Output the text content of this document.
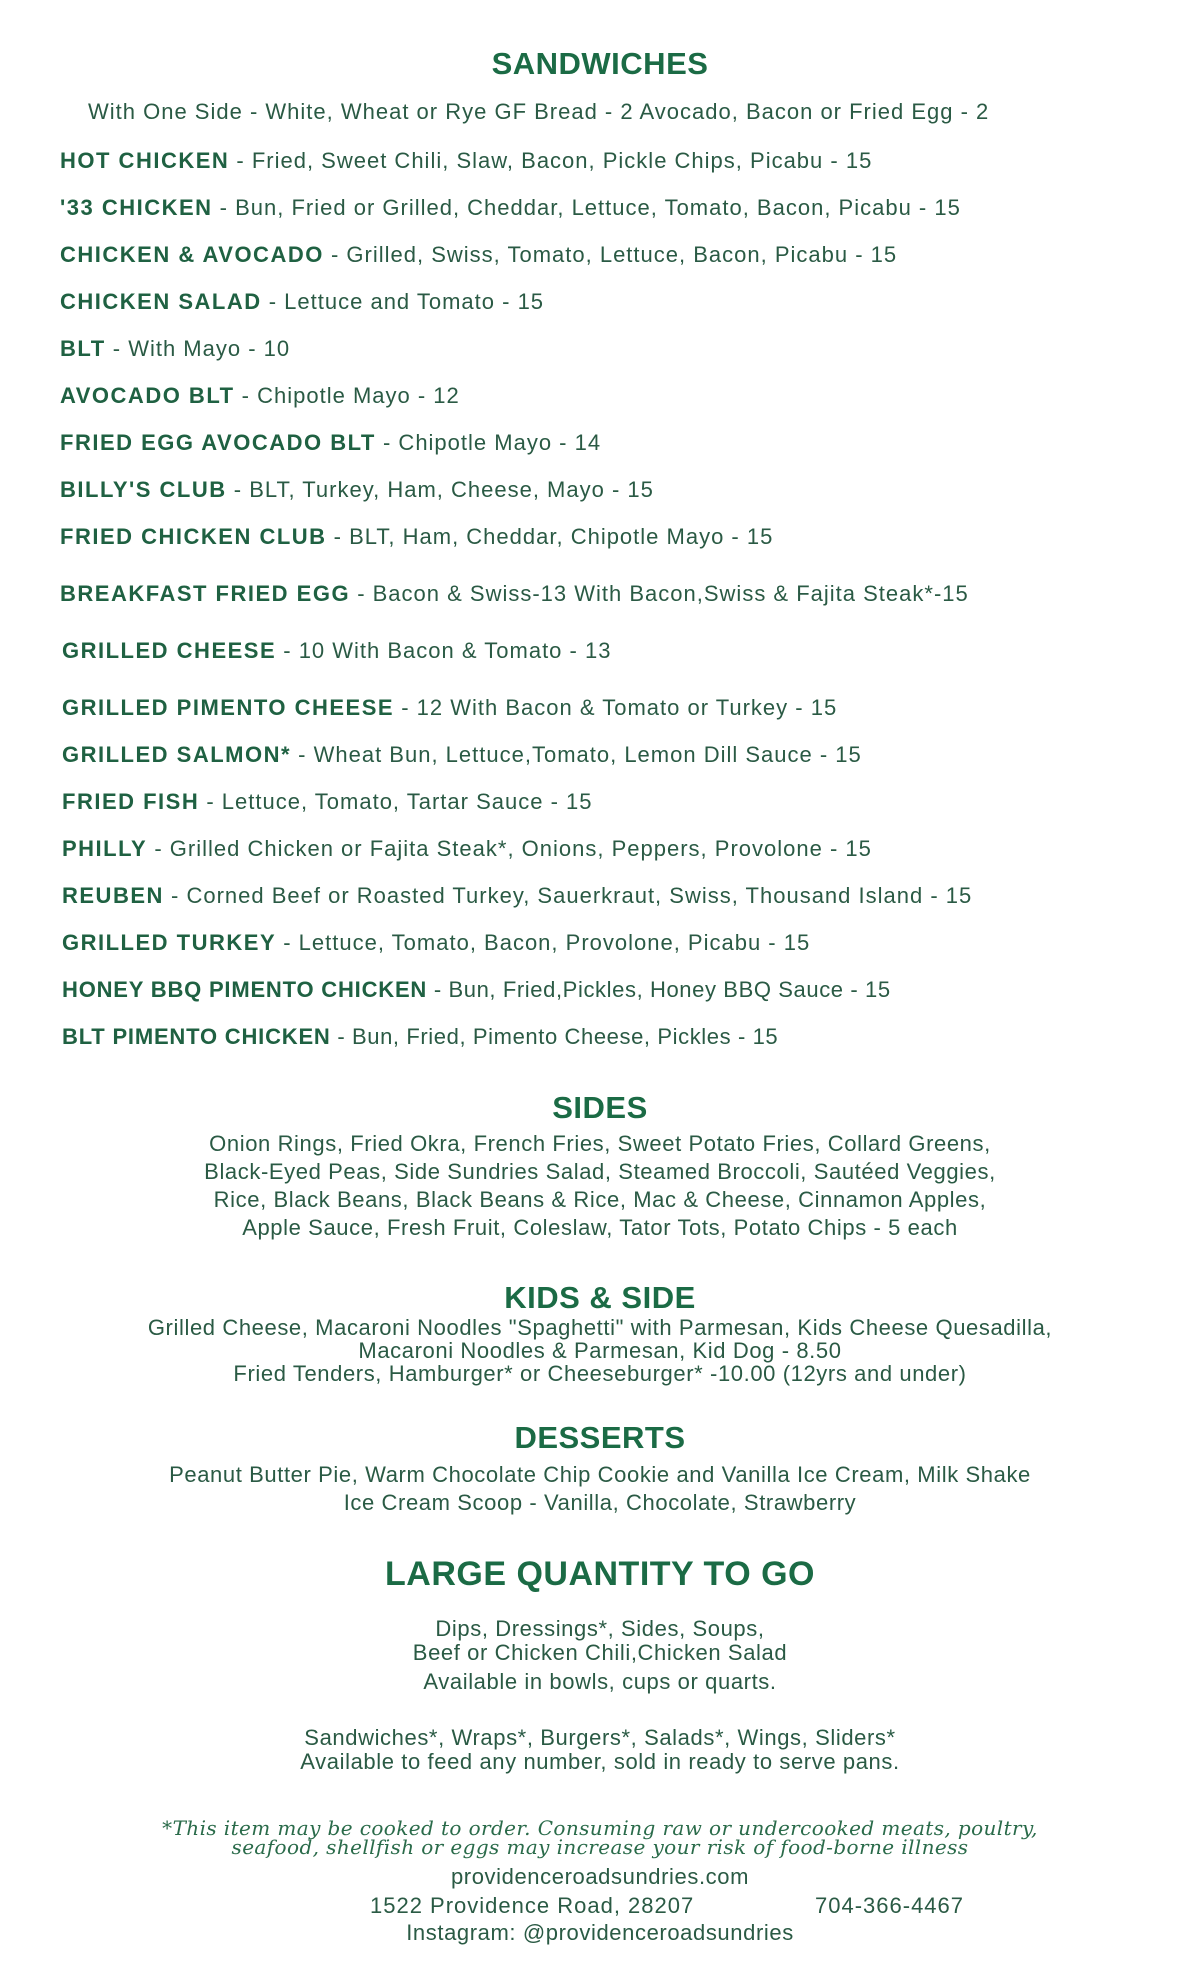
SANDWICHES
With One Side - White, Wheat or Rye GF Bread - 2 Avocado, Bacon or Fried Egg - 2
HOT CHICKEN - Fried, Sweet Chili, Slaw, Bacon, Pickle Chips, Picabu - 15
'33 CHICKEN - Bun, Fried or Grilled, Cheddar, Lettuce, Tomato, Bacon, Picabu - 15
CHICKEN & AVOCADO - Grilled, Swiss, Tomato, Lettuce, Bacon, Picabu - 15
CHICKEN SALAD - Lettuce and Tomato - 15
BLT - With Mayo - 10
AVOCADO BLT - Chipotle Mayo - 12
FRIED EGG AVOCADO BLT - Chipotle Mayo - 14
BILLY'S CLUB - BLT, Turkey, Ham, Cheese, Mayo - 15
FRIED CHICKEN CLUB - BLT, Ham, Cheddar, Chipotle Mayo - 15
BREAKFAST FRIED EGG - Bacon & Swiss-13 With Bacon,Swiss & Fajita Steak*-15
GRILLED CHEESE - 10 With Bacon & Tomato - 13
GRILLED PIMENTO CHEESE - 12 With Bacon & Tomato or Turkey - 15
GRILLED SALMON* - Wheat Bun, Lettuce,Tomato, Lemon Dill Sauce - 15
FRIED FISH - Lettuce, Tomato, Tartar Sauce - 15
PHILLY - Grilled Chicken or Fajita Steak*, Onions, Peppers, Provolone - 15
REUBEN - Corned Beef or Roasted Turkey, Sauerkraut, Swiss, Thousand Island - 15
GRILLED TURKEY - Lettuce, Tomato, Bacon, Provolone, Picabu - 15
HONEY BBQ PIMENTO CHICKEN - Bun, Fried,Pickles, Honey BBQ Sauce - 15
BLT PIMENTO CHICKEN - Bun, Fried, Pimento Cheese, Pickles - 15
SIDES
Onion Rings, Fried Okra, French Fries, Sweet Potato Fries, Collard Greens,
Black-Eyed Peas, Side Sundries Salad, Steamed Broccoli, Sautéed Veggies,
Rice, Black Beans, Black Beans & Rice, Mac & Cheese, Cinnamon Apples,
Apple Sauce, Fresh Fruit, Coleslaw, Tator Tots, Potato Chips - 5 each
KIDS & SIDE
Grilled Cheese, Macaroni Noodles "Spaghetti" with Parmesan, Kids Cheese Quesadilla,
Macaroni Noodles & Parmesan, Kid Dog - 8.50
Fried Tenders, Hamburger* or Cheeseburger* -10.00 (12yrs and under)
DESSERTS
Peanut Butter Pie, Warm Chocolate Chip Cookie and Vanilla Ice Cream, Milk Shake
Ice Cream Scoop - Vanilla, Chocolate, Strawberry
LARGE QUANTITY TO GO
Dips, Dressings*, Sides, Soups,
Beef or Chicken Chili,Chicken Salad
Available in bowls, cups or quarts.
Sandwiches*, Wraps*, Burgers*, Salads*, Wings, Sliders*
Available to feed any number, sold in ready to serve pans.
*This item may be cooked to order. Consuming raw or undercooked meats, poultry,
seafood, shellfish or eggs may increase your risk of food-borne illness
providenceroadsundries.com
1522 Providence Road, 28207	704-366-4467
Instagram: @providenceroadsundries
